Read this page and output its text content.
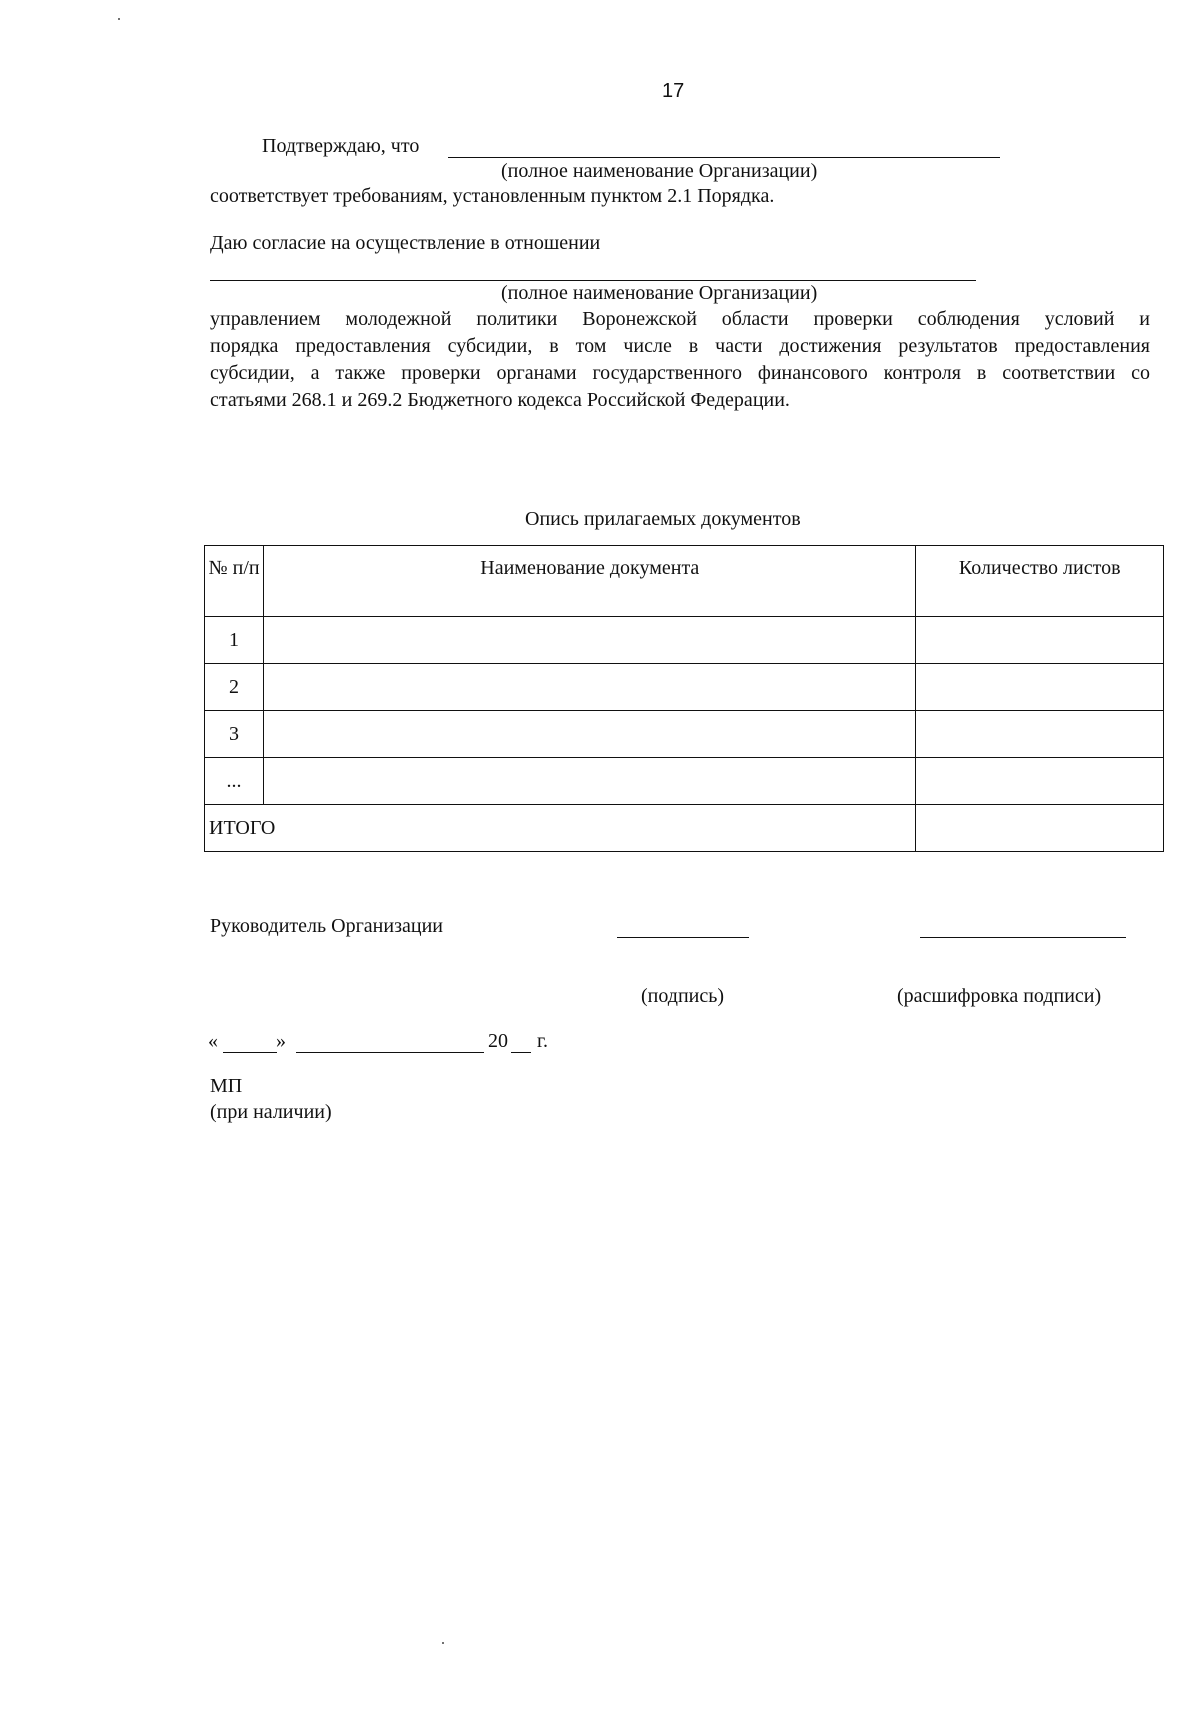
17
Подтверждаю, что
(полное наименование Организации)
соответствует требованиям, установленным пунктом 2.1 Порядка.
Даю согласие на осуществление в отношении
(полное наименование Организации)
управлением молодежной политики Воронежской области проверки соблюдения условий и
порядка предоставления субсидии, в том числе в части достижения результатов предоставления
субсидии, а также проверки органами государственного финансового контроля в соответствии со
статьями 268.1 и 269.2 Бюджетного кодекса Российской Федерации.
Опись прилагаемых документов
№ п/п	Наименование документа	Количество листов
1		
2		
3		
...		
ИТОГО		
Руководитель Организации
(подпись)	(расшифровка подписи)
«	»	20 г.
МП
(при наличии)
